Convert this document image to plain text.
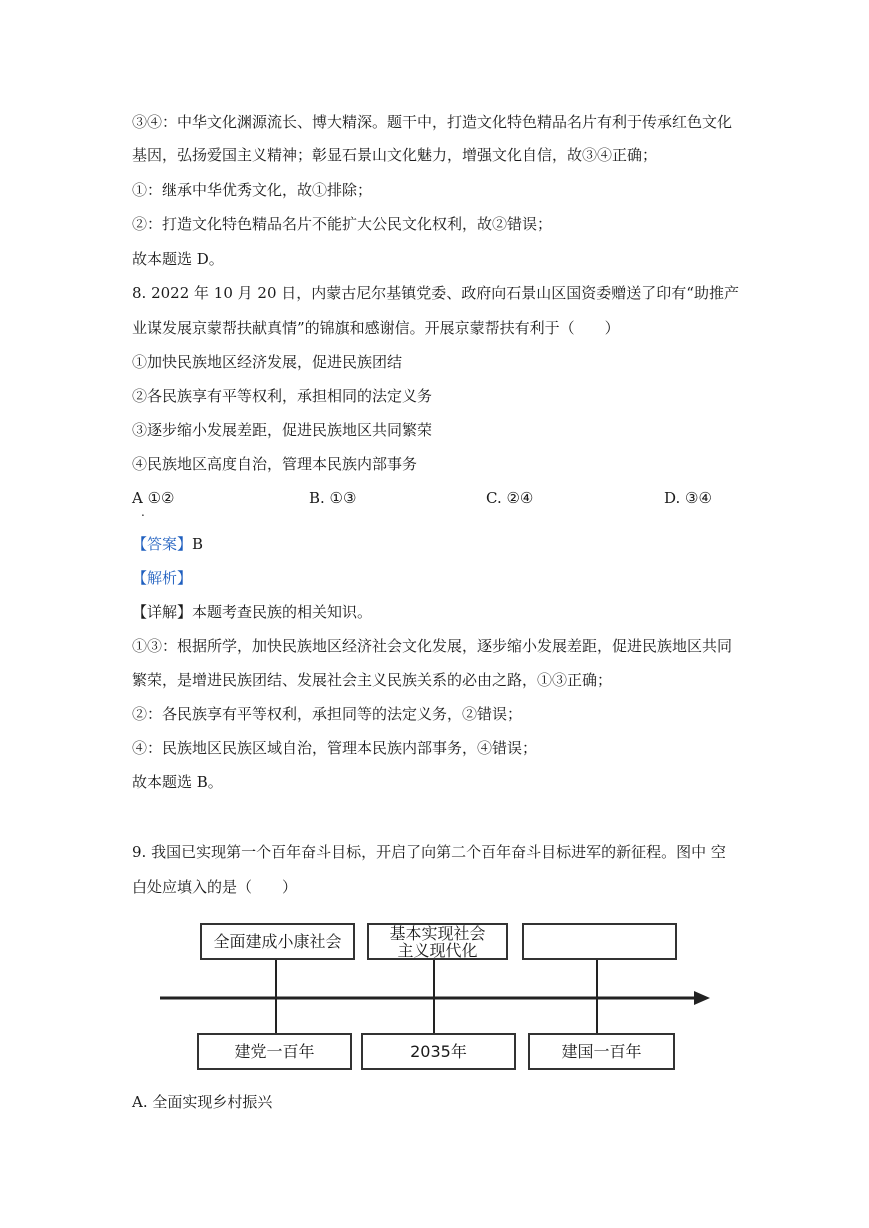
③④：中华文化渊源流长、博大精深。题干中，打造文化特色精品名片有利于传承红色文化
基因，弘扬爱国主义精神；彰显石景山文化魅力，增强文化自信，故③④正确；
①：继承中华优秀文化，故①排除；
②：打造文化特色精品名片不能扩大公民文化权利，故②错误；
故本题选 D。
8. 2022 年 10 月 20 日，内蒙古尼尔基镇党委、政府向石景山区国资委赠送了印有“助推产
业谋发展京蒙帮扶献真情”的锦旗和感谢信。开展京蒙帮扶有利于（　　）
①加快民族地区经济发展，促进民族团结
②各民族享有平等权利，承担相同的法定义务
③逐步缩小发展差距，促进民族地区共同繁荣
④民族地区高度自治，管理本民族内部事务
A ①②
.
B. ①③	C. ②④	D. ③④
【答案】B
【解析】
【详解】本题考查民族的相关知识。
①③：根据所学，加快民族地区经济社会文化发展，逐步缩小发展差距，促进民族地区共同
繁荣，是增进民族团结、发展社会主义民族关系的必由之路，①③正确；
②：各民族享有平等权利，承担同等的法定义务，②错误；
④：民族地区民族区域自治，管理本民族内部事务，④错误；
故本题选 B。
9. 我国已实现第一个百年奋斗目标，开启了向第二个百年奋斗目标进军的新征程。图中 空
白处应填入的是（　　）
全面建成小康社会	基本实现社会
主义现代化
建党一百年	2035年	建国一百年
A. 全面实现乡村振兴
